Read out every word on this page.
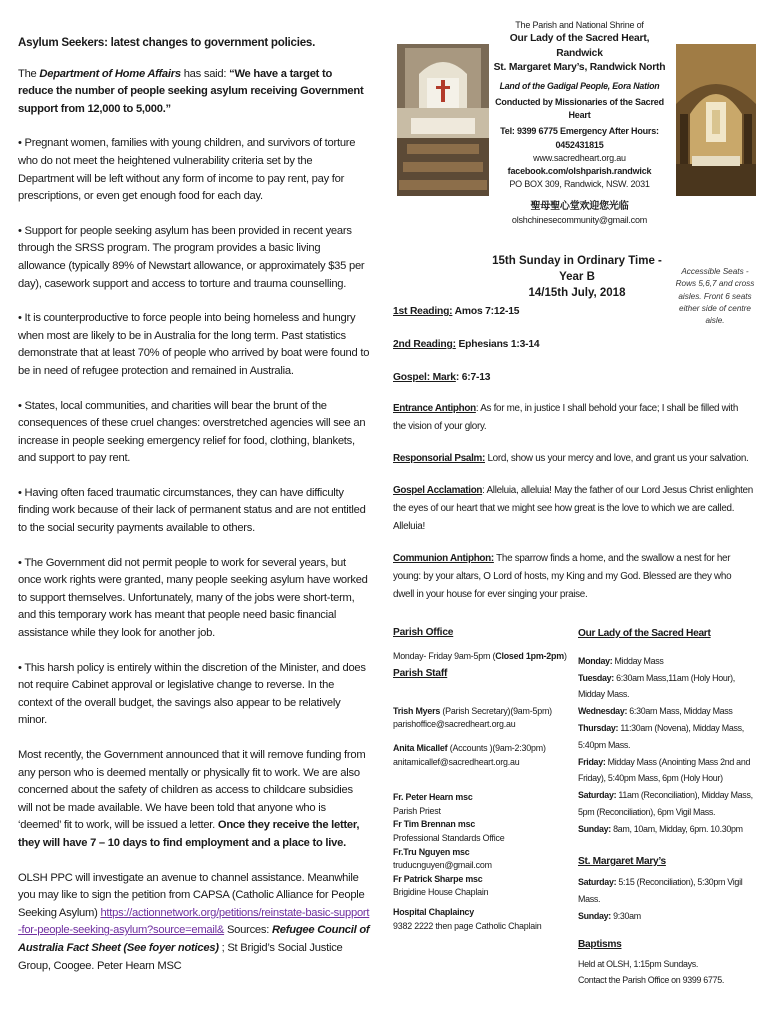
Asylum Seekers: latest changes to government policies.

The Department of Home Affairs has said: “We have a target to reduce the number of people seeking asylum receiving Government support from 12,000 to 5,000.”

• Pregnant women, families with young children, and survivors of torture who do not meet the heightened vulnerability criteria set by the Department will be left without any form of income to pay rent, pay for prescriptions, or even get enough food for each day.

• Support for people seeking asylum has been provided in recent years through the SRSS program. The program provides a basic living allowance (typically 89% of Newstart allowance, or approximately $35 per day), casework support and access to torture and trauma counselling.

• It is counterproductive to force people into being homeless and hungry when most are likely to be in Australia for the long term. Past statistics demonstrate that at least 70% of people who arrived by boat were found to be in need of refugee protection and remained in Australia.

• States, local communities, and charities will bear the brunt of the consequences of these cruel changes: overstretched agencies will see an increase in people seeking emergency relief for food, clothing, blankets, and support to pay rent.

• Having often faced traumatic circumstances, they can have difficulty finding work because of their lack of permanent status and are not entitled to the social security payments available to others.

• The Government did not permit people to work for several years, but once work rights were granted, many people seeking asylum have worked to support themselves. Unfortunately, many of the jobs were short-term, and this temporary work has meant that people need basic financial assistance while they look for another job.

• This harsh policy is entirely within the discretion of the Minister, and does not require Cabinet approval or legislative change to reverse. In the context of the overall budget, the savings also appear to be relatively minor.

Most recently, the Government announced that it will remove funding from any person who is deemed mentally or physically fit to work. We are also concerned about the safety of children as access to childcare subsidies will not be made available. We have been told that anyone who is ‘deemed’ fit to work, will be issued a letter. Once they receive the letter, they will have 7 – 10 days to find employment and a place to live.

OLSH PPC will investigate an avenue to channel assistance. Meanwhile you may like to sign the petition from CAPSA (Catholic Alliance for People Seeking Asylum) https://actionnetwork.org/petitions/reinstate-basic-support-for-people-seeking-asylum?source=email& Sources: Refugee Council of Australia Fact Sheet (See foyer notices) ; St Brigid’s Social Justice Group, Coogee. Peter Hearn MSC

The Parish and National Shrine of
Our Lady of the Sacred Heart, Randwick
St. Margaret Mary’s, Randwick North
Land of the Gadigal People, Eora Nation
Conducted by Missionaries of the Sacred Heart
Tel: 9399 6775 Emergency After Hours: 0452431815
www.sacredheart.org.au
facebook.com/olshparish.randwick
PO BOX 309, Randwick, NSW. 2031
聖母聖心堂欢迎您光临
olshchinesecommunity@gmail.com
15th Sunday in Ordinary Time - Year B
14/15th July, 2018
Accessible Seats - Rows 5,6,7 and cross aisles. Front 6 seats either side of centre aisle.
1st Reading: Amos 7:12-15
2nd Reading: Ephesians 1:3-14
Gospel: Mark: 6:7-13

Entrance Antiphon: As for me, in justice I shall behold your face; I shall be filled with the vision of your glory.

Responsorial Psalm: Lord, show us your mercy and love, and grant us your salvation.

Gospel Acclamation: Alleluia, alleluia! May the father of our Lord Jesus Christ enlighten the eyes of our heart that we might see how great is the love to which we are called. Alleluia!

Communion Antiphon: The sparrow finds a home, and the swallow a nest for her young: by your altars, O Lord of hosts, my King and my God. Blessed are they who dwell in your house for ever singing your praise.

Parish Office
Monday- Friday 9am-5pm (Closed 1pm-2pm)
Parish Staff
Trish Myers (Parish Secretary)(9am-5pm)
parishoffice@sacredheart.org.au
Anita Micallef (Accounts )(9am-2:30pm)
anitamicallef@sacredheart.org.au
Fr. Peter Hearn msc
Parish Priest
Fr Tim Brennan msc
Professional Standards Office
Fr.Tru Nguyen msc
truducnguyen@gmail.com
Fr Patrick Sharpe msc
Brigidine House Chaplain
Hospital Chaplaincy
9382 2222 then page Catholic Chaplain
Our Lady of the Sacred Heart
Monday: Midday Mass
Tuesday: 6:30am Mass,11am (Holy Hour), Midday Mass.
Wednesday: 6:30am Mass, Midday Mass
Thursday: 11:30am (Novena), Midday Mass, 5:40pm Mass.
Friday: Midday Mass (Anointing Mass 2nd and Friday), 5:40pm Mass, 6pm (Holy Hour)
Saturday: 11am (Reconciliation), Midday Mass, 5pm (Reconciliation), 6pm Vigil Mass.
Sunday: 8am, 10am, Midday, 6pm. 10.30pm
St. Margaret Mary’s
Saturday: 5:15 (Reconciliation), 5:30pm Vigil Mass.
Sunday: 9:30am
Baptisms
Held at OLSH, 1:15pm Sundays.
Contact the Parish Office on 9399 6775.
